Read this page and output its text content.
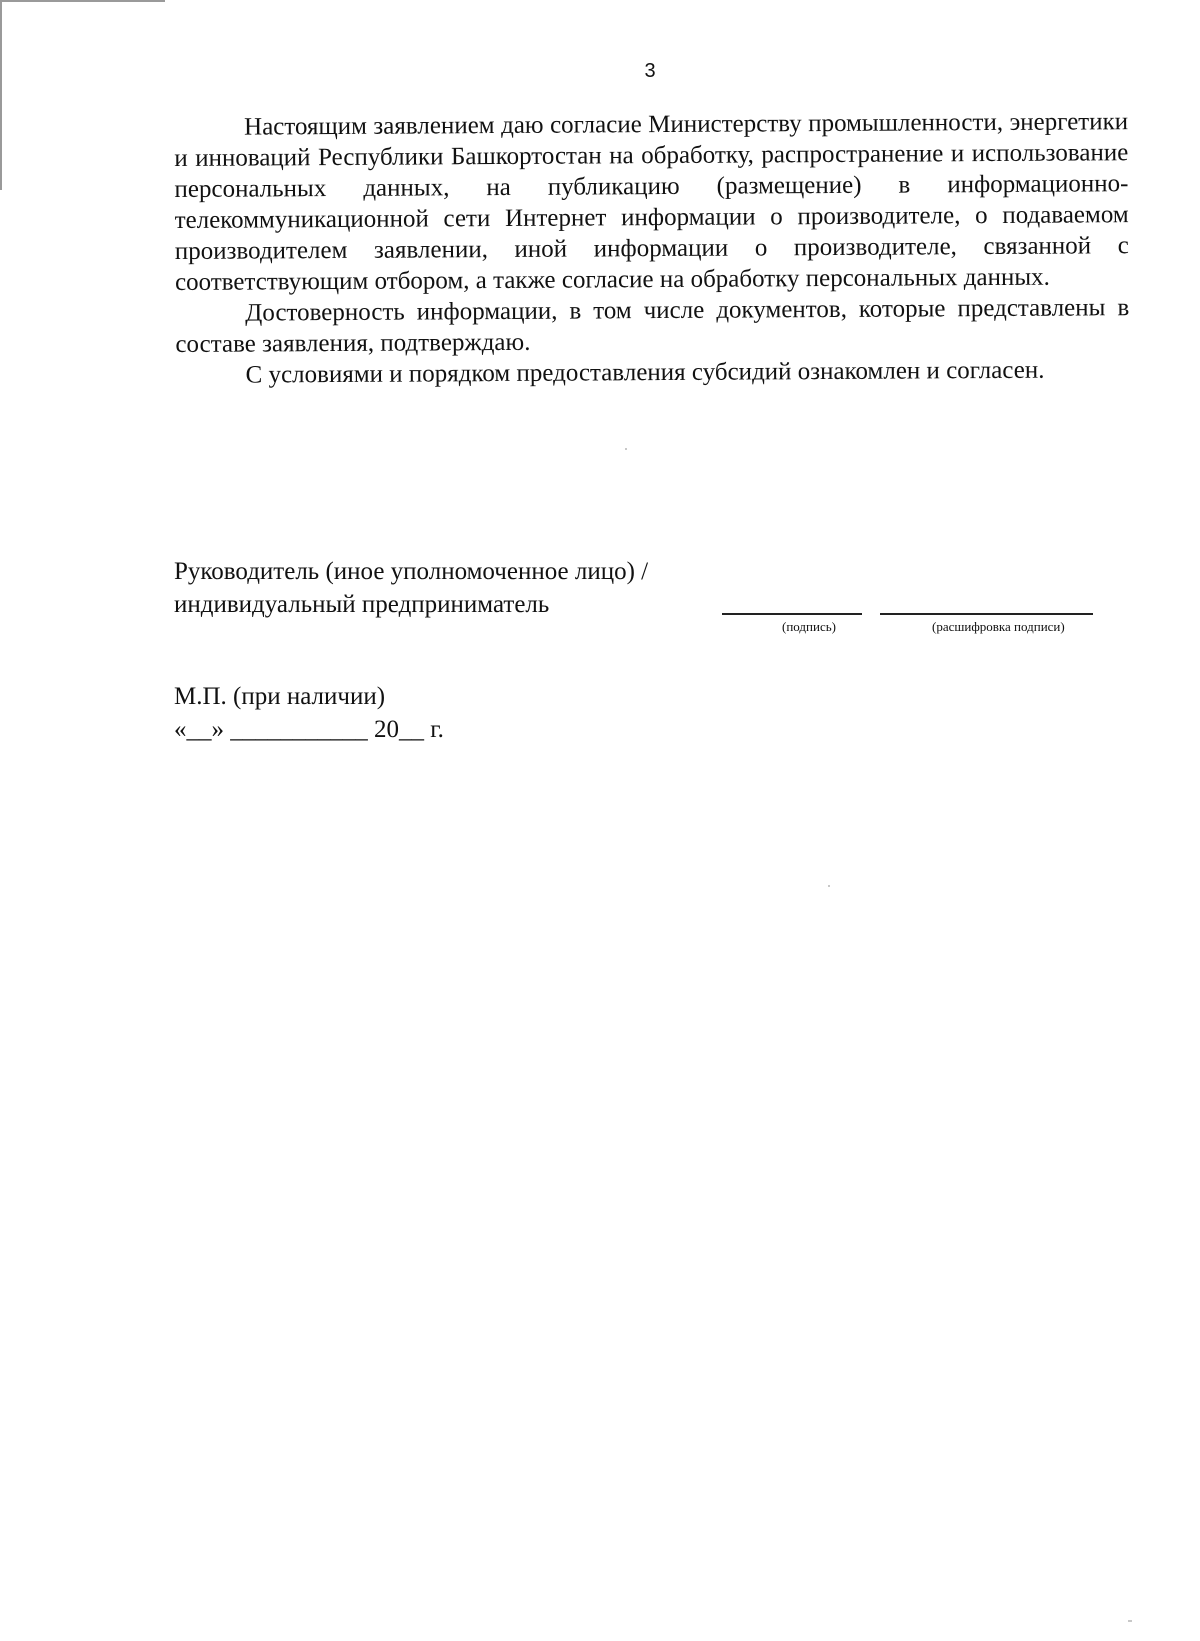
3

Настоящим заявлением даю согласие Министерству промышленности, энергетики и инноваций Республики Башкортостан на обработку, распространение и использование персональных данных, на публикацию (размещение) в информационно-телекоммуникационной сети Интернет информации о производителе, о подаваемом производителем заявлении, иной информации о производителе, связанной с соответствующим отбором, а также согласие на обработку персональных данных.

Достоверность информации, в том числе документов, которые представлены в составе заявления, подтверждаю.

С условиями и порядком предоставления субсидий ознакомлен и согласен.

Руководитель (иное уполномоченное лицо) /
индивидуальный предприниматель
(подпись)	(расшифровка подписи)
М.П. (при наличии)
«__» ___________ 20__ г.
